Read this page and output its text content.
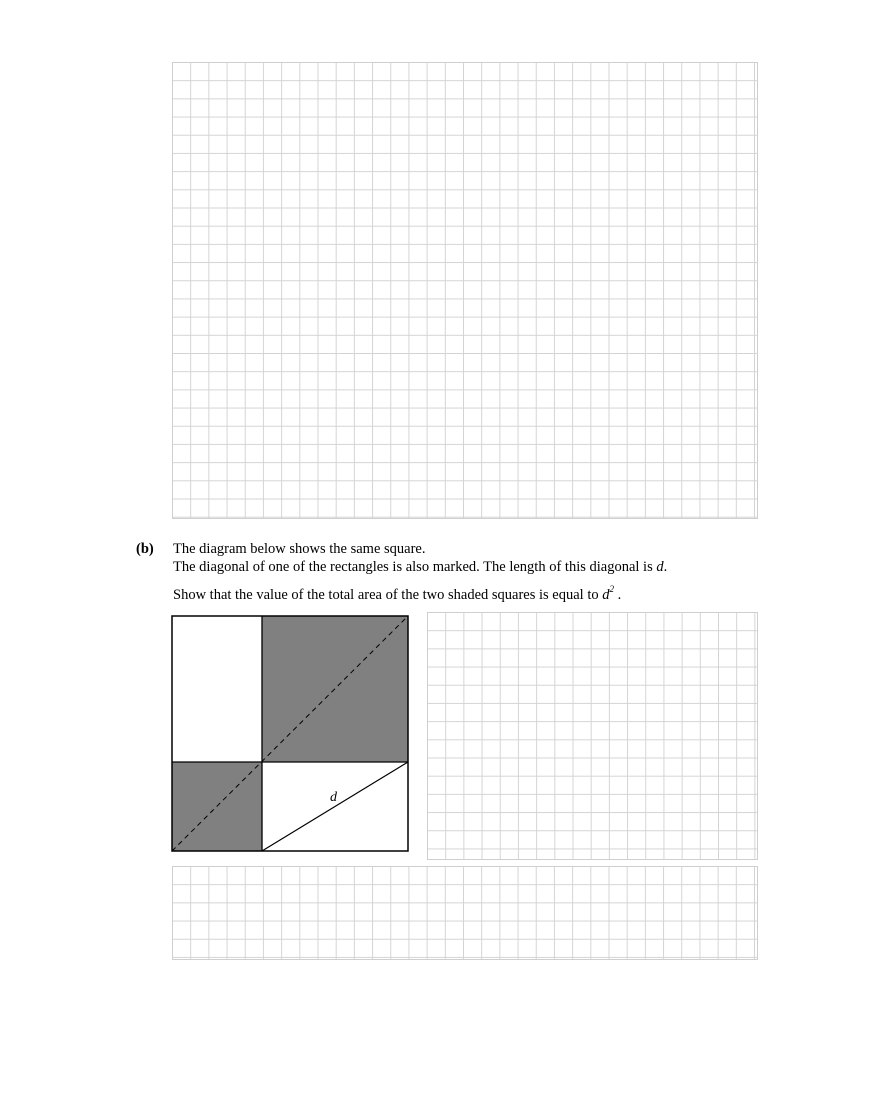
(b) The diagram below shows the same square.
The diagonal of one of the rectangles is also marked. The length of this diagonal is d.
Show that the value of the total area of the two shaded squares is equal to $d^2$ .
d
